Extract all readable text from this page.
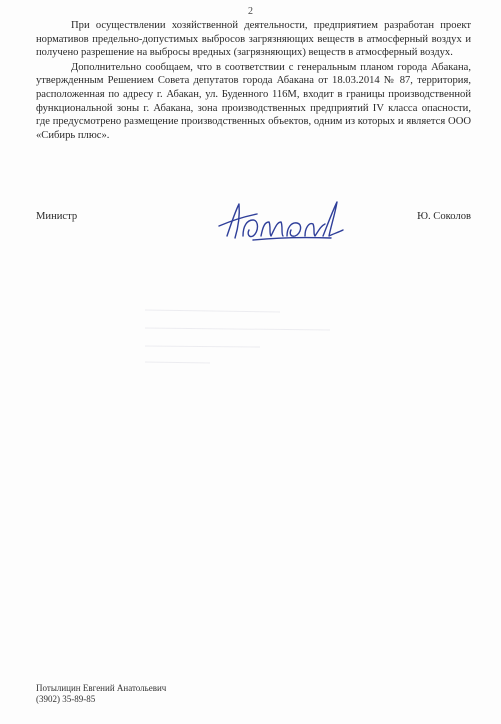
2

При осуществлении хозяйственной деятельности, предприятием разработан проект нормативов предельно-допустимых выбросов загрязняющих веществ в атмосферный воздух и получено разрешение на выбросы вредных (загрязняющих) веществ в атмосферный воздух.

Дополнительно сообщаем, что в соответствии с генеральным планом города Абакана, утвержденным Решением Совета депутатов города Абакана от 18.03.2014 № 87, территория, расположенная по адресу г. Абакан, ул. Буденного 116М, входит в границы производственной функциональной зоны г. Абакана, зона производственных предприятий IV класса опасности, где предусмотрено размещение производственных объектов, одним из которых и является ООО «Сибирь плюс».

Министр	Ю. Соколов
Потылицин Евгений Анатольевич
(3902) 35-89-85
